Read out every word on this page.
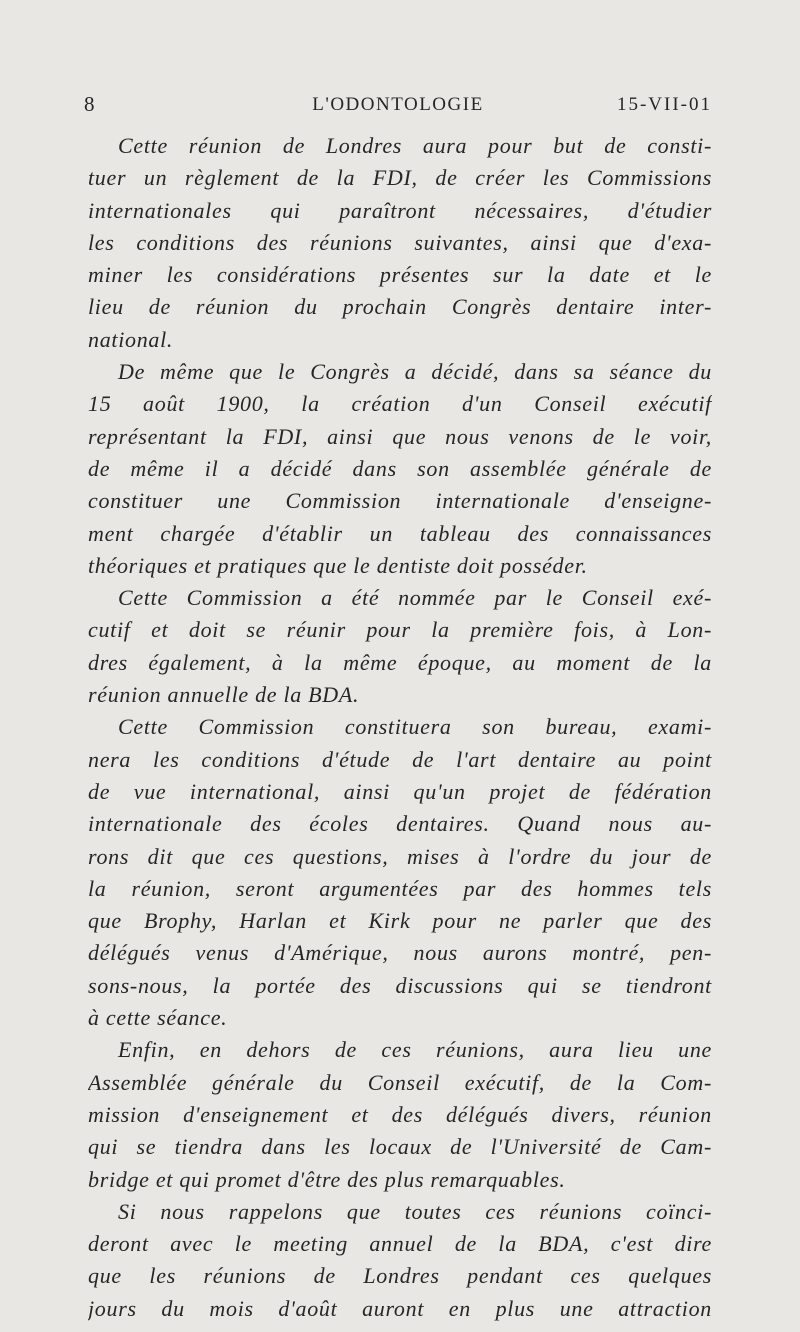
8	L'ODONTOLOGIE	15-VII-01
Cette réunion de Londres aura pour but de consti-
tuer un règlement de la FDI, de créer les Commissions
internationales qui paraîtront nécessaires, d'étudier
les conditions des réunions suivantes, ainsi que d'exa-
miner les considérations présentes sur la date et le
lieu de réunion du prochain Congrès dentaire inter-
national.
De même que le Congrès a décidé, dans sa séance du
15 août 1900, la création d'un Conseil exécutif
représentant la FDI, ainsi que nous venons de le voir,
de même il a décidé dans son assemblée générale de
constituer une Commission internationale d'enseigne-
ment chargée d'établir un tableau des connaissances
théoriques et pratiques que le dentiste doit posséder.
Cette Commission a été nommée par le Conseil exé-
cutif et doit se réunir pour la première fois, à Lon-
dres également, à la même époque, au moment de la
réunion annuelle de la BDA.
Cette Commission constituera son bureau, exami-
nera les conditions d'étude de l'art dentaire au point
de vue international, ainsi qu'un projet de fédération
internationale des écoles dentaires. Quand nous au-
rons dit que ces questions, mises à l'ordre du jour de
la réunion, seront argumentées par des hommes tels
que Brophy, Harlan et Kirk pour ne parler que des
délégués venus d'Amérique, nous aurons montré, pen-
sons-nous, la portée des discussions qui se tiendront
à cette séance.
Enfin, en dehors de ces réunions, aura lieu une
Assemblée générale du Conseil exécutif, de la Com-
mission d'enseignement et des délégués divers, réunion
qui se tiendra dans les locaux de l'Université de Cam-
bridge et qui promet d'être des plus remarquables.
Si nous rappelons que toutes ces réunions coïnci-
deront avec le meeting annuel de la BDA, c'est dire
que les réunions de Londres pendant ces quelques
jours du mois d'août auront en plus une attraction
